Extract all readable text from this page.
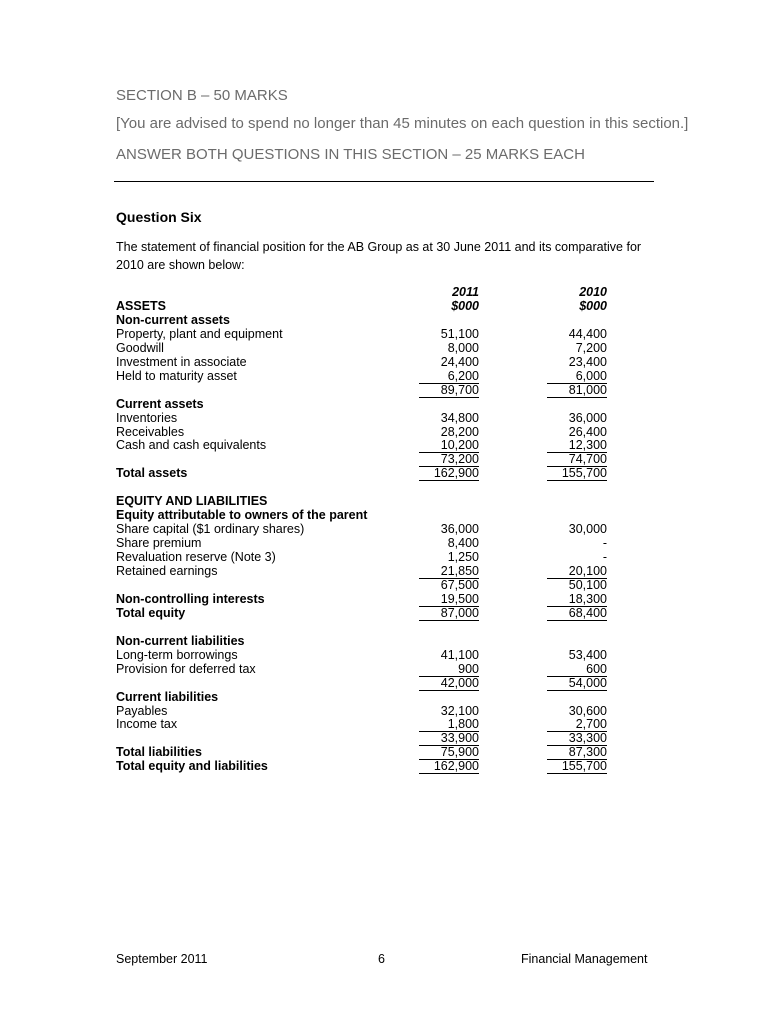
SECTION B – 50 MARKS

[You are advised to spend no longer than 45 minutes on each question in this section.]

ANSWER BOTH QUESTIONS IN THIS SECTION – 25 MARKS EACH

Question Six

The statement of financial position for the AB Group as at 30 June 2011 and its comparative for 2010 are shown below:

2011	2010
ASSETS	$000	$000
Non-current assets
Property, plant and equipment	51,100	44,400
Goodwill	8,000	7,200
Investment in associate	24,400	23,400
Held to maturity asset	6,200	6,000
89,700	81,000
Current assets
Inventories	34,800	36,000
Receivables	28,200	26,400
Cash and cash equivalents	10,200	12,300
73,200	74,700
Total assets	162,900	155,700
EQUITY AND LIABILITIES
Equity attributable to owners of the parent
Share capital ($1 ordinary shares)	36,000	30,000
Share premium	8,400	-
Revaluation reserve (Note 3)	1,250	-
Retained earnings	21,850	20,100
67,500	50,100
Non-controlling interests	19,500	18,300
Total equity	87,000	68,400
Non-current liabilities
Long-term borrowings	41,100	53,400
Provision for deferred tax	900	600
42,000	54,000
Current liabilities
Payables	32,100	30,600
Income tax	1,800	2,700
33,900	33,300
Total liabilities	75,900	87,300
Total equity and liabilities	162,900	155,700
September 2011	6	Financial Management
